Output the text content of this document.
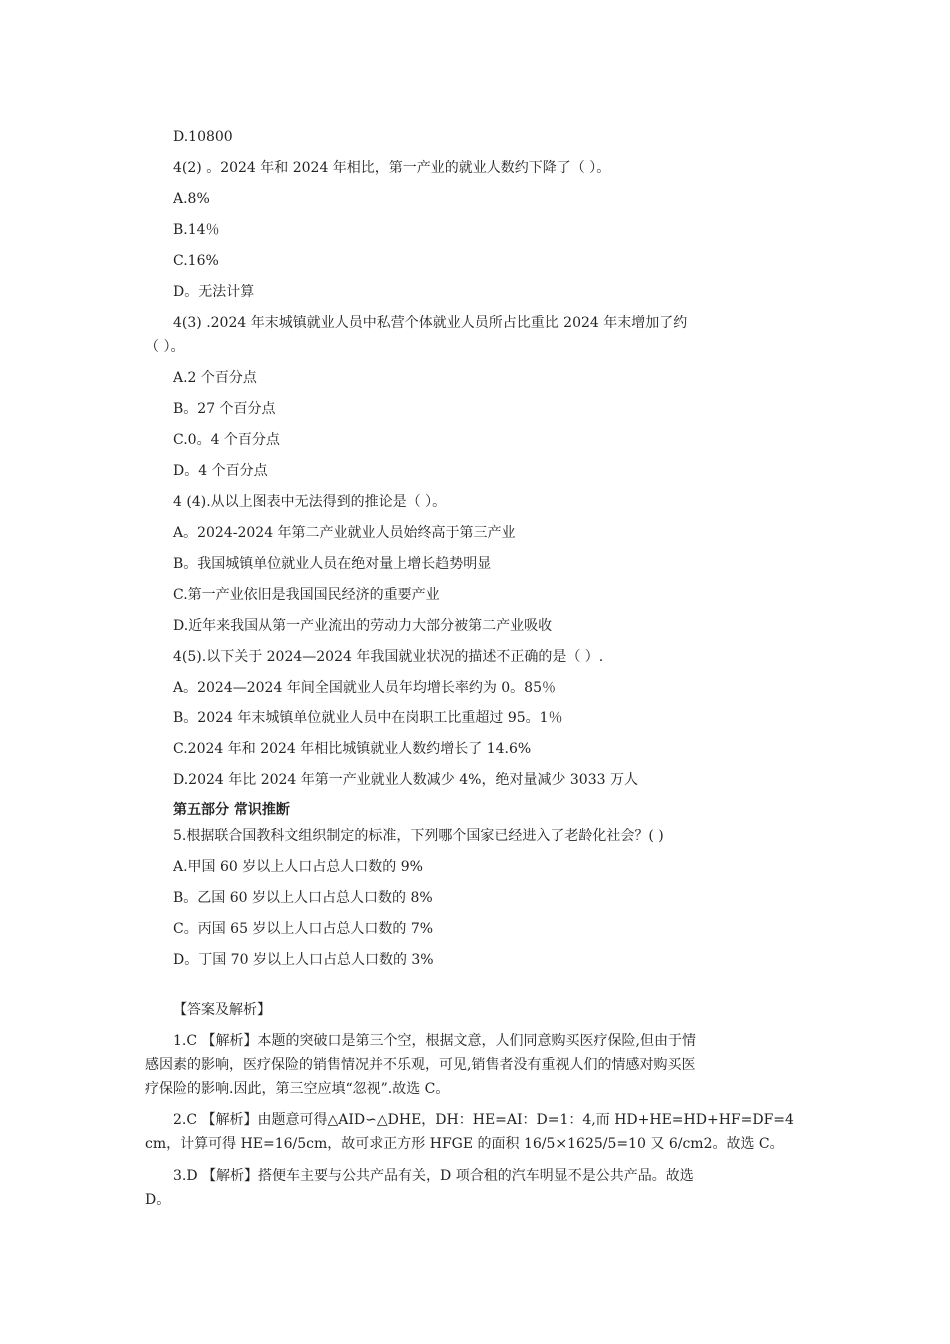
D.10800
4(2) 。2024 年和 2024 年相比，第一产业的就业人数约下降了（ ）。
A.8%
B.14％
C.16%
D。无法计算
4(3) .2024 年末城镇就业人员中私营个体就业人员所占比重比 2024 年末增加了约
（ ）。
A.2 个百分点
B。27 个百分点
C.0。4 个百分点
D。4 个百分点
4 (4).从以上图表中无法得到的推论是（ ）。
A。2024-2024 年第二产业就业人员始终高于第三产业
B。我国城镇单位就业人员在绝对量上增长趋势明显
C.第一产业依旧是我国国民经济的重要产业
D.近年来我国从第一产业流出的劳动力大部分被第二产业吸收
4(5).以下关于 2024—2024 年我国就业状况的描述不正确的是（ ）.
A。2024—2024 年间全国就业人员年均增长率约为 0。85％
B。2024 年末城镇单位就业人员中在岗职工比重超过 95。1％
C.2024 年和 2024 年相比城镇就业人数约增长了 14.6%
D.2024 年比 2024 年第一产业就业人数减少 4%，绝对量减少 3033 万人
第五部分 常识推断
5.根据联合国教科文组织制定的标准，下列哪个国家已经进入了老龄化社会？( )
A.甲国 60 岁以上人口占总人口数的 9%
B。乙国 60 岁以上人口占总人口数的 8%
C。丙国 65 岁以上人口占总人口数的 7%
D。丁国 70 岁以上人口占总人口数的 3%
【答案及解析】
1.C 【解析】本题的突破口是第三个空，根据文意，人们同意购买医疗保险,但由于情
感因素的影响，医疗保险的销售情况并不乐观，可见,销售者没有重视人们的情感对购买医
疗保险的影响.因此，第三空应填“忽视”.故选 C。
2.C 【解析】由题意可得△AID∽△DHE，DH：HE=AI：D=1：4,而 HD+HE=HD+HF=DF=4
cm，计算可得 HE=16/5cm，故可求正方形 HFGE 的面积 16/5×1625/5=10 又 6/cm2。故选 C。
3.D 【解析】搭便车主要与公共产品有关，D 项合租的汽车明显不是公共产品。故选
D。
